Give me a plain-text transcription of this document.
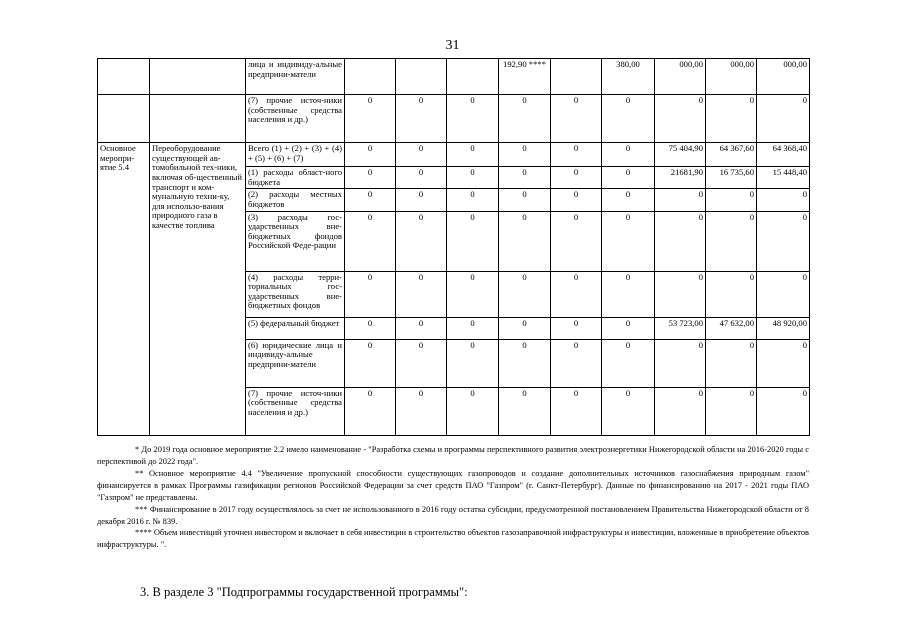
31
		лица и индивиду-альные предприни-матели				192,90 ****		380,00	000,00	000,00	000,00
		(7) прочие источ-ники (собственные средства населения и др.)	0	0	0	0	0	0	0	0	0
Основное меропри-ятие 5.4	Переоборудование существующей ав-томобильной тех-ники, включая об-щественный транспорт и ком-мунальную техни-ку, для использо-вания природного газа в качестве топлива	Всего (1) + (2) + (3) + (4) + (5) + (6) + (7)	0	0	0	0	0	0	75 404,90	64 367,60	64 368,40
		(1) расходы област-ного бюджета	0	0	0	0	0	0	21681,90	16 735,60	15 448,40
		(2) расходы местных бюджетов	0	0	0	0	0	0	0	0	0
		(3) расходы гос-ударственных вне-бюджетных фондов Российской Феде-рации	0	0	0	0	0	0	0	0	0
		(4) расходы терри-ториальных гос-ударственных вне-бюджетных фондов	0	0	0	0	0	0	0	0	0
		(5) федеральный бюджет	0	0	0	0	0	0	53 723,00	47 632,00	48 920,00
		(6) юридические лица и индивиду-альные предприни-матели	0	0	0	0	0	0	0	0	0
		(7) прочие источ-ники (собственные средства населения и др.)	0	0	0	0	0	0	0	0	0

* До 2019 года основное мероприятие 2.2 имело наименование - "Разработка схемы и программы перспективного развития электроэнергетики Нижегородской области на 2016-2020 годы с перспективой до 2022 года".

** Основное мероприятие 4.4 "Увеличение пропускной способности существующих газопроводов и создание дополнительных источников газоснабжения природным газом" финансируется в рамках Программы газификации регионов Российской Федерации за счет средств ПАО "Газпром" (г. Санкт-Петербург). Данные по финансированию на 2017 - 2021 годы ПАО "Газпром" не представлены.

*** Финансирование в 2017 году осуществлялось за счет не использованного в 2016 году остатка субсидии, предусмотренной постановлением Правительства Нижегородской области от 8 декабря 2016 г. № 839.

**** Объем инвестиций уточнен инвестором и включает в себя инвестиции в строительство объектов газозаправочной инфраструктуры и инвестиции, вложенные в приобретение объектов инфраструктуры. ".

3. В разделе 3 "Подпрограммы государственной программы":
